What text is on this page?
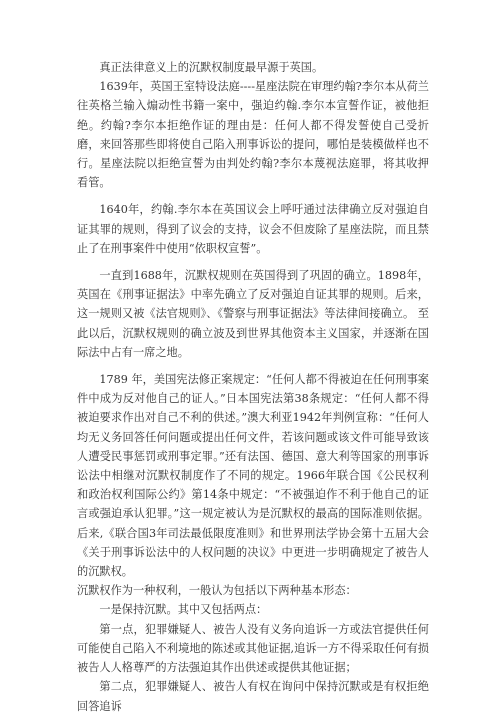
真正法律意义上的沉默权制度最早源于英国。

1639年，英国王室特设法庭----星座法院在审理约翰?李尔本从荷兰往英格兰输入煽动性书籍一案中，强迫约翰.李尔本宣誓作证，被他拒绝。约翰?李尔本拒绝作证的理由是：任何人都不得发誓使自己受折磨，来回答那些即将使自己陷入刑事诉讼的提问，哪怕是装模做样也不行。星座法院以拒绝宣誓为由判处约翰?李尔本蔑视法庭罪，将其收押看管。

1640年，约翰.李尔本在英国议会上呼吁通过法律确立反对强迫自证其罪的规则，得到了议会的支持，议会不但废除了星座法院，而且禁止了在刑事案件中使用“依职权宣誓”。

一直到1688年，沉默权规则在英国得到了巩固的确立。1898年，英国在《刑事证据法》中率先确立了反对强迫自证其罪的规则。后来，这一规则又被《法官规则》、《警察与刑事证据法》等法律间接确立。 至此以后，沉默权规则的确立波及到世界其他资本主义国家，并逐渐在国际法中占有一席之地。

1789 年，美国宪法修正案规定：“任何人都不得被迫在任何刑事案件中成为反对他自己的证人。”日本国宪法第38条规定：“任何人都不得被迫要求作出对自己不利的供述。”澳大利亚1942年判例宣称：“任何人均无义务回答任何问题或提出任何文件，若该问题或该文件可能导致该人遭受民事惩罚或刑事定罪。”还有法国、德国、意大利等国家的刑事诉讼法中相继对沉默权制度作了不同的规定。1966年联合国《公民权利和政治权利国际公约》第14条中规定：“不被强迫作不利于他自己的证言或强迫承认犯罪。”这一规定被认为是沉默权的最高的国际准则依据。后来,《联合国3年司法最低限度准则》和世界刑法学协会第十五届大会《关于刑事诉讼法中的人权问题的决议》中更进一步明确规定了被告人的沉默权。

沉默权作为一种权利，一般认为包括以下两种基本形态：

一是保持沉默。其中又包括两点：

第一点，犯罪嫌疑人、被告人没有义务向追诉一方或法官提供任何可能使自己陷入不利境地的陈述或其他证据,追诉一方不得采取任何有损被告人人格尊严的方法强迫其作出供述或提供其他证据；

第二点，犯罪嫌疑人、被告人有权在询问中保持沉默或是有权拒绝回答追诉
